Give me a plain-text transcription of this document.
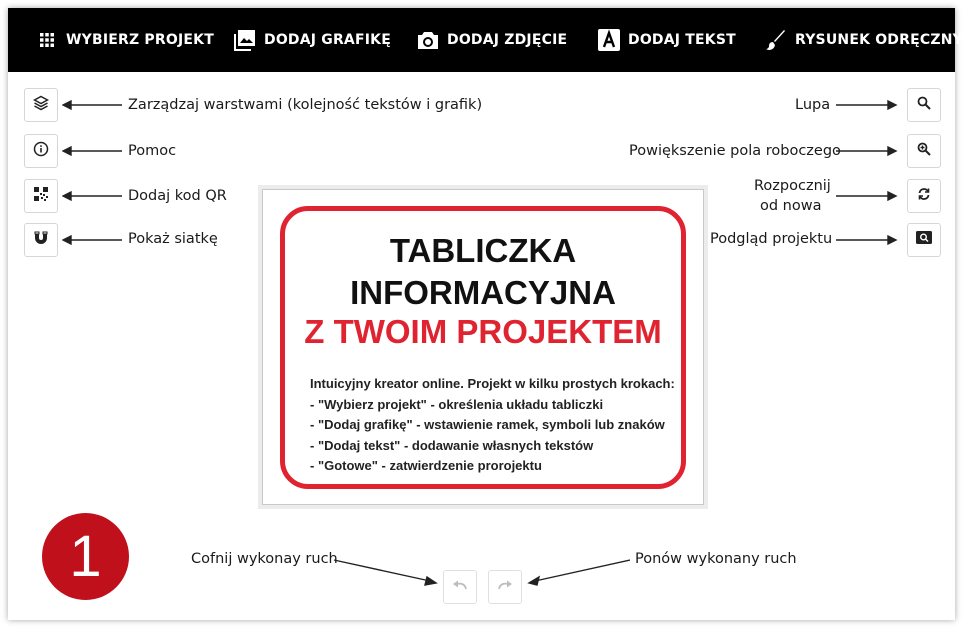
WYBIERZ PROJEKT	DODAJ GRAFIKĘ	DODAJ ZDJĘCIE	DODAJ TEKST	RYSUNEK ODRĘCZNY
Zarządzaj warstwami (kolejność tekstów i grafik)
Pomoc
Dodaj kod QR
Pokaż siatkę
Lupa
Powiększenie pola roboczego
Rozpocznij
od nowa
Podgląd projektu
TABLICZKA
INFORMACYJNA
Z TWOIM PROJEKTEM
Intuicyjny kreator online. Projekt w kilku prostych krokach:
- "Wybierz projekt" - określenia układu tabliczki
- "Dodaj grafikę" - wstawienie ramek, symboli lub znaków
- "Dodaj tekst" - dodawanie własnych tekstów
- "Gotowe" - zatwierdzenie prorojektu
1	Cofnij wykonay ruch	Ponów wykonany ruch
